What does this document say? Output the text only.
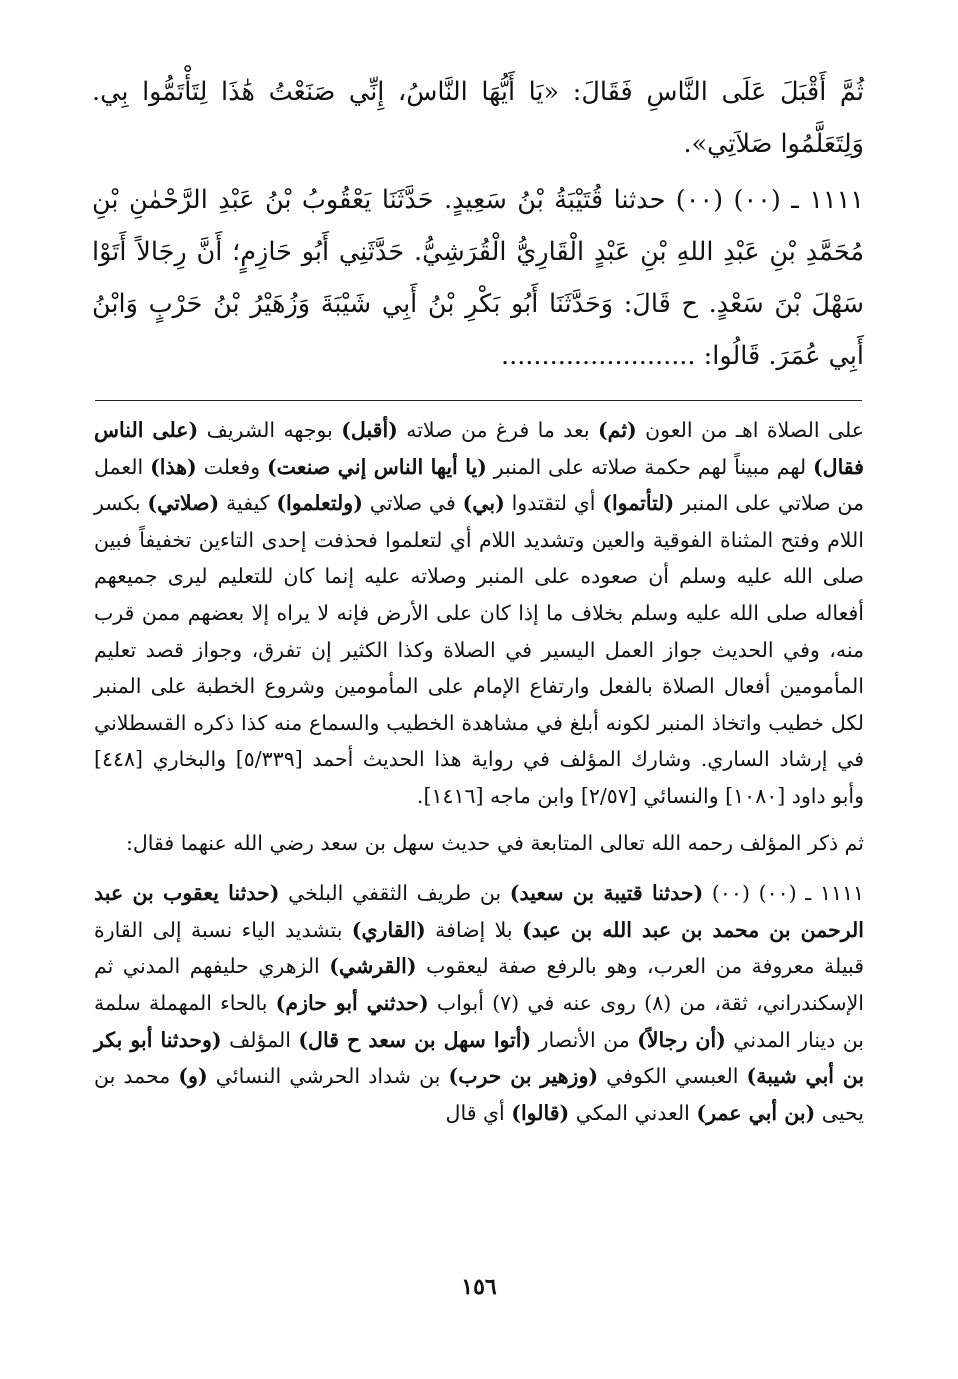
ثُمَّ أَقْبَلَ عَلَى النَّاسِ فَقَالَ: «يَا أَيُّهَا النَّاسُ، إِنِّي صَنَعْتُ هَٰذَا لِتَأْتَمُّوا بِي. وَلِتَعَلَّمُوا صَلاَتِي».

١١١١ ـ (٠٠) (٠٠) حدثنا قُتَيْبَةُ بْنُ سَعِيدٍ. حَدَّثَنَا يَعْقُوبُ بْنُ عَبْدِ الرَّحْمٰنِ بْنِ مُحَمَّدِ بْنِ عَبْدِ اللهِ بْنِ عَبْدٍ الْقَارِيُّ الْقُرَشِيُّ. حَدَّثَنِي أَبُو حَازِمٍ؛ أَنَّ رِجَالاً أَتَوْا سَهْلَ بْنَ سَعْدٍ. ح قَالَ: وَحَدَّثَنَا أَبُو بَكْرِ بْنُ أَبِي شَيْبَةَ وَزُهَيْرُ بْنُ حَرْبٍ وَابْنُ أَبِي عُمَرَ. قَالُوا: ........................

على الصلاة اهـ من العون (ثم) بعد ما فرغ من صلاته (أقبل) بوجهه الشريف (على الناس فقال) لهم مبيناً لهم حكمة صلاته على المنبر (يا أيها الناس إني صنعت) وفعلت (هذا) العمل من صلاتي على المنبر (لتأتموا) أي لتقتدوا (بي) في صلاتي (ولتعلموا) كيفية (صلاتي) بكسر اللام وفتح المثناة الفوقية والعين وتشديد اللام أي لتعلموا فحذفت إحدى التاءين تخفيفاً فبين صلى الله عليه وسلم أن صعوده على المنبر وصلاته عليه إنما كان للتعليم ليرى جميعهم أفعاله صلى الله عليه وسلم بخلاف ما إذا كان على الأرض فإنه لا يراه إلا بعضهم ممن قرب منه، وفي الحديث جواز العمل اليسير في الصلاة وكذا الكثير إن تفرق، وجواز قصد تعليم المأمومين أفعال الصلاة بالفعل وارتفاع الإمام على المأمومين وشروع الخطبة على المنبر لكل خطيب واتخاذ المنبر لكونه أبلغ في مشاهدة الخطيب والسماع منه كذا ذكره القسطلاني في إرشاد الساري. وشارك المؤلف في رواية هذا الحديث أحمد [٥/٣٣٩] والبخاري [٤٤٨] وأبو داود [١٠٨٠] والنسائي [٢/٥٧] وابن ماجه [١٤١٦].

ثم ذكر المؤلف رحمه الله تعالى المتابعة في حديث سهل بن سعد رضي الله عنهما فقال:

١١١١ ـ (٠٠) (٠٠) (حدثنا قتيبة بن سعيد) بن طريف الثقفي البلخي (حدثنا يعقوب بن عبد الرحمن بن محمد بن عبد الله بن عبد) بلا إضافة (القاري) بتشديد الياء نسبة إلى القارة قبيلة معروفة من العرب، وهو بالرفع صفة ليعقوب (القرشي) الزهري حليفهم المدني ثم الإسكندراني، ثقة، من (٨) روى عنه في (٧) أبواب (حدثني أبو حازم) بالحاء المهملة سلمة بن دينار المدني (أن رجالاً) من الأنصار (أتوا سهل بن سعد ح قال) المؤلف (وحدثنا أبو بكر بن أبي شيبة) العبسي الكوفي (وزهير بن حرب) بن شداد الحرشي النسائي (و) محمد بن يحيى (بن أبي عمر) العدني المكي (قالوا) أي قال

١٥٦
